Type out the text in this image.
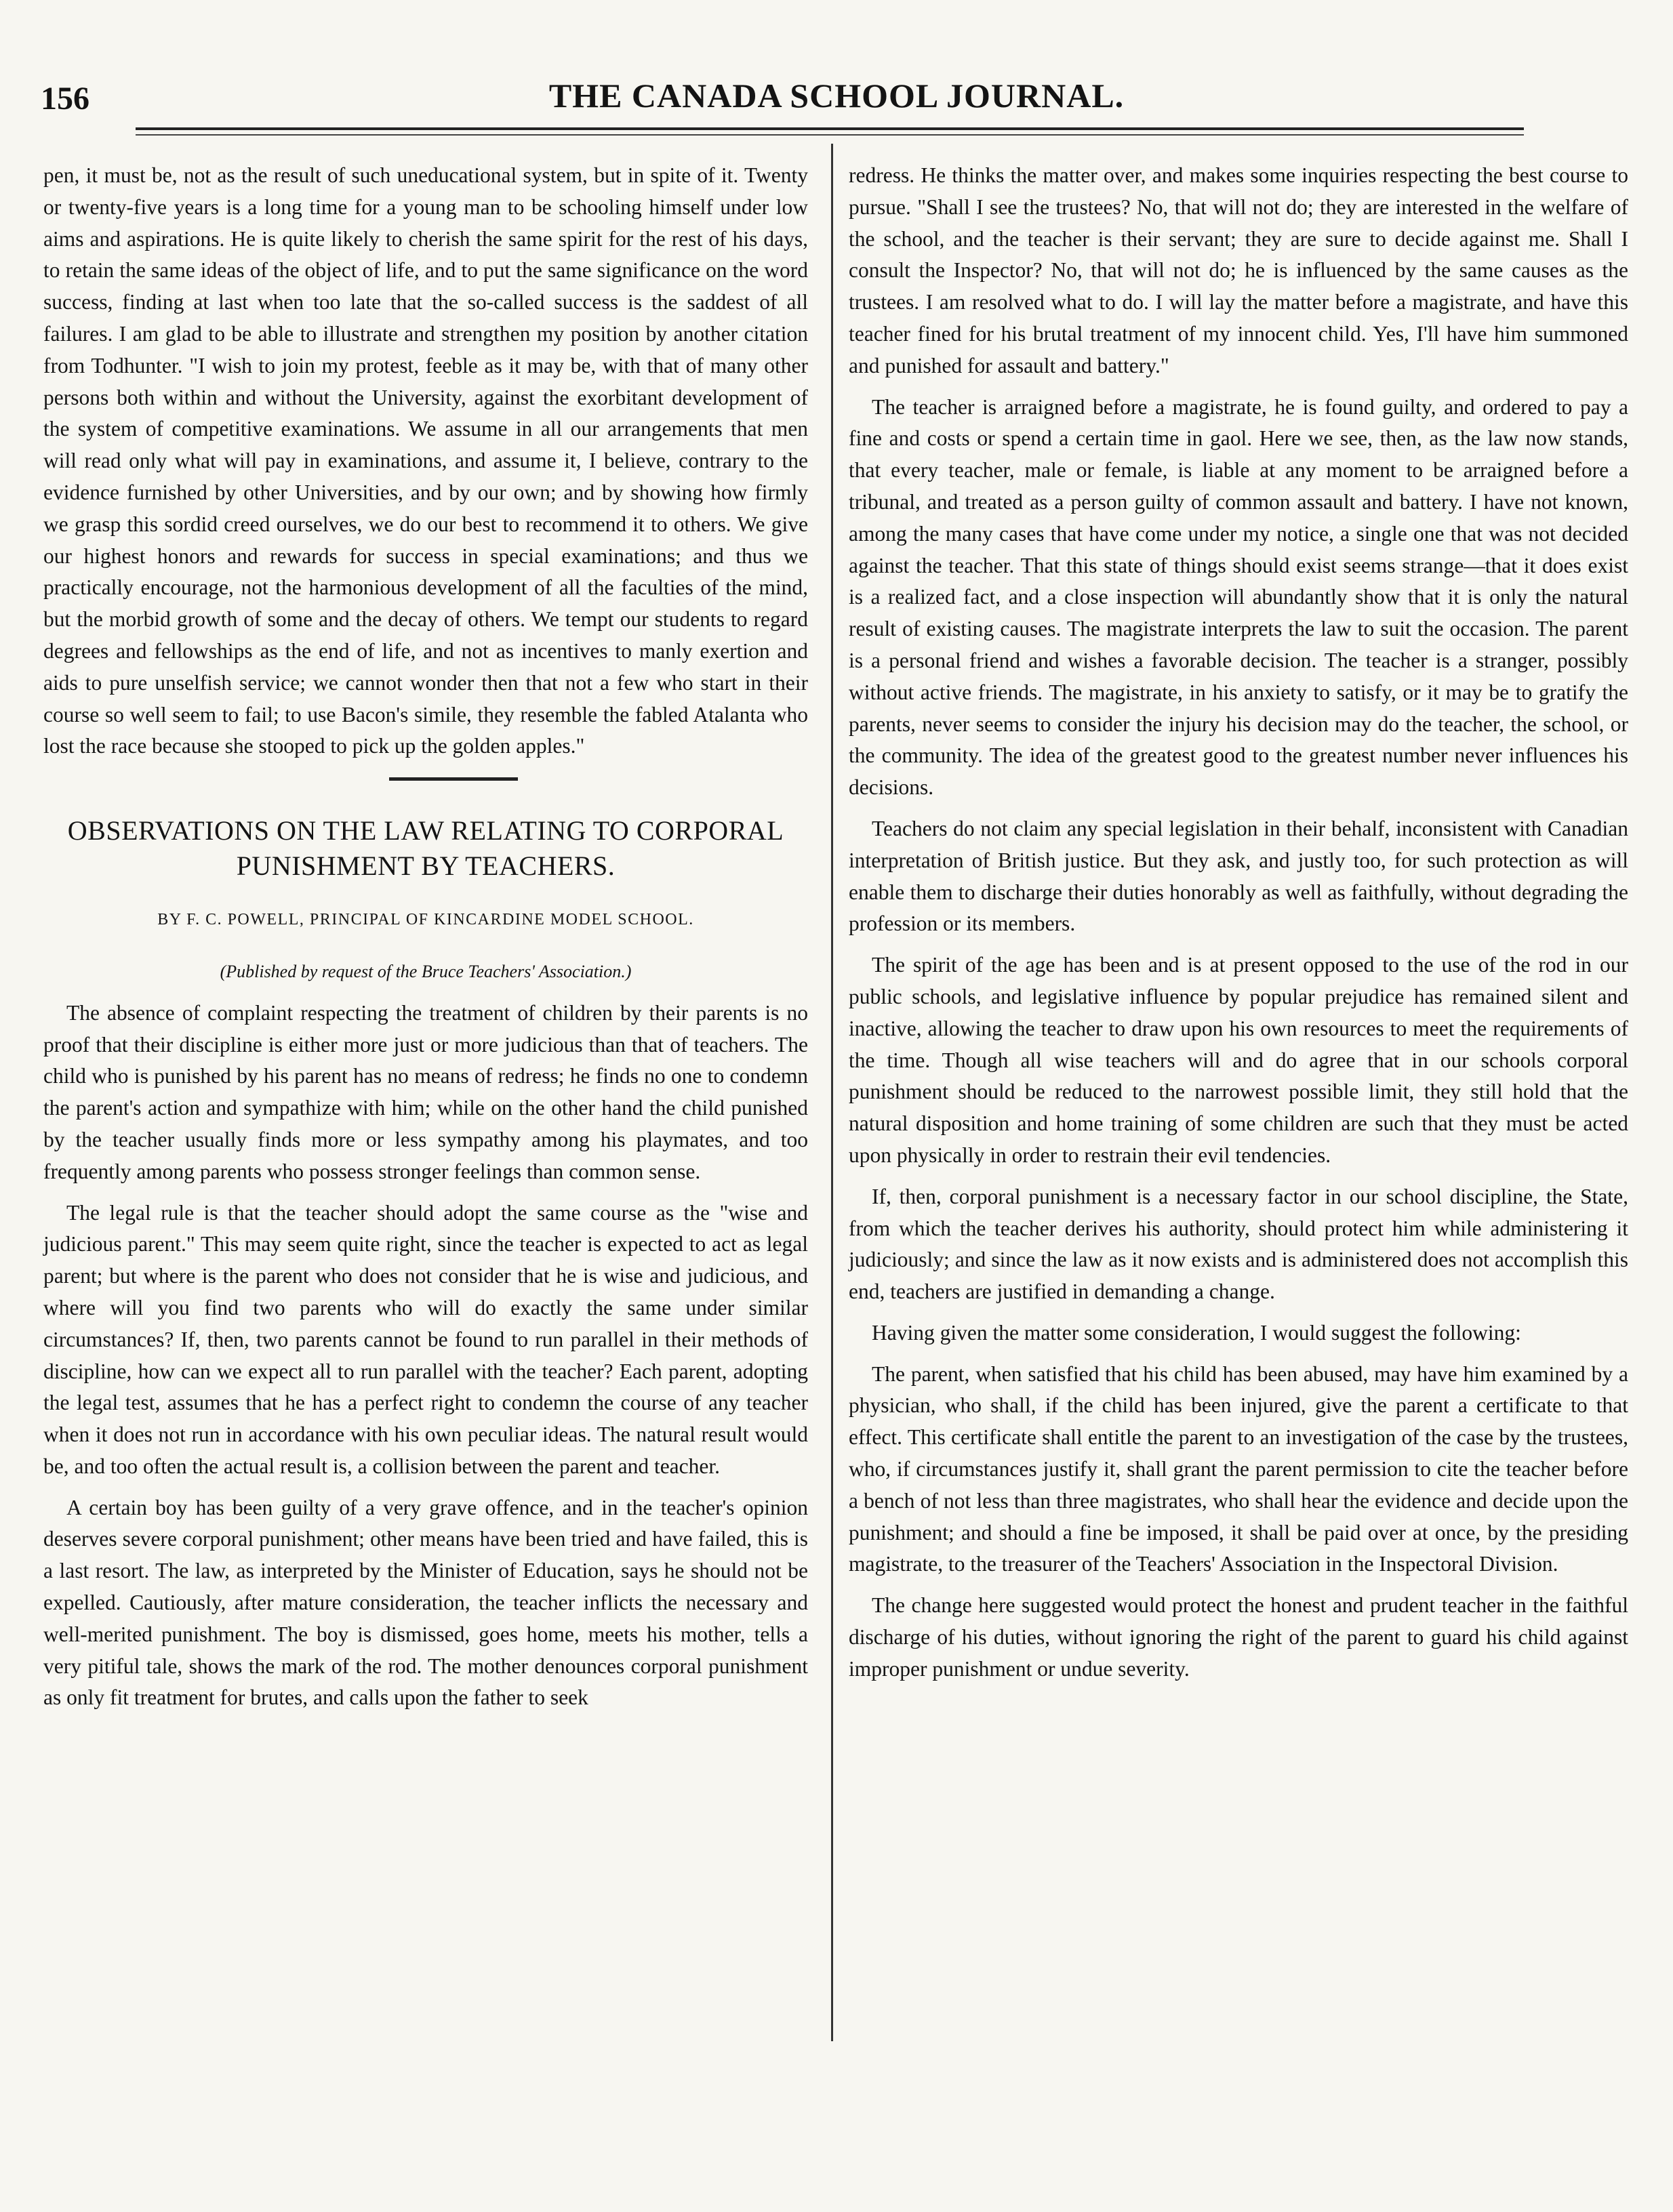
156	THE CANADA SCHOOL JOURNAL.

pen, it must be, not as the result of such uneducational system, but in spite of it. Twenty or twenty-five years is a long time for a young man to be schooling himself under low aims and aspirations. He is quite likely to cherish the same spirit for the rest of his days, to retain the same ideas of the object of life, and to put the same significance on the word success, finding at last when too late that the so-called success is the saddest of all failures. I am glad to be able to illustrate and strengthen my position by another citation from Todhunter. "I wish to join my protest, feeble as it may be, with that of many other persons both within and without the University, against the exorbitant development of the system of competitive examinations. We assume in all our arrangements that men will read only what will pay in examinations, and assume it, I believe, contrary to the evidence furnished by other Universities, and by our own; and by showing how firmly we grasp this sordid creed ourselves, we do our best to recommend it to others. We give our highest honors and rewards for success in special examinations; and thus we practically encourage, not the harmonious development of all the faculties of the mind, but the morbid growth of some and the decay of others. We tempt our students to regard degrees and fellowships as the end of life, and not as incentives to manly exertion and aids to pure unselfish service; we cannot wonder then that not a few who start in their course so well seem to fail; to use Bacon's simile, they resemble the fabled Atalanta who lost the race because she stooped to pick up the golden apples."

OBSERVATIONS ON THE LAW RELATING TO CORPORAL PUNISHMENT BY TEACHERS.
BY F. C. POWELL, PRINCIPAL OF KINCARDINE MODEL SCHOOL.
(Published by request of the Bruce Teachers' Association.)

The absence of complaint respecting the treatment of children by their parents is no proof that their discipline is either more just or more judicious than that of teachers. The child who is punished by his parent has no means of redress; he finds no one to condemn the parent's action and sympathize with him; while on the other hand the child punished by the teacher usually finds more or less sympathy among his playmates, and too frequently among parents who possess stronger feelings than common sense.

The legal rule is that the teacher should adopt the same course as the "wise and judicious parent." This may seem quite right, since the teacher is expected to act as legal parent; but where is the parent who does not consider that he is wise and judicious, and where will you find two parents who will do exactly the same under similar circumstances? If, then, two parents cannot be found to run parallel in their methods of discipline, how can we expect all to run parallel with the teacher? Each parent, adopting the legal test, assumes that he has a perfect right to condemn the course of any teacher when it does not run in accordance with his own peculiar ideas. The natural result would be, and too often the actual result is, a collision between the parent and teacher.

A certain boy has been guilty of a very grave offence, and in the teacher's opinion deserves severe corporal punishment; other means have been tried and have failed, this is a last resort. The law, as interpreted by the Minister of Education, says he should not be expelled. Cautiously, after mature consideration, the teacher inflicts the necessary and well-merited punishment. The boy is dismissed, goes home, meets his mother, tells a very pitiful tale, shows the mark of the rod. The mother denounces corporal punishment as only fit treatment for brutes, and calls upon the father to seek

redress. He thinks the matter over, and makes some inquiries respecting the best course to pursue. "Shall I see the trustees? No, that will not do; they are interested in the welfare of the school, and the teacher is their servant; they are sure to decide against me. Shall I consult the Inspector? No, that will not do; he is influenced by the same causes as the trustees. I am resolved what to do. I will lay the matter before a magistrate, and have this teacher fined for his brutal treatment of my innocent child. Yes, I'll have him summoned and punished for assault and battery."

The teacher is arraigned before a magistrate, he is found guilty, and ordered to pay a fine and costs or spend a certain time in gaol. Here we see, then, as the law now stands, that every teacher, male or female, is liable at any moment to be arraigned before a tribunal, and treated as a person guilty of common assault and battery. I have not known, among the many cases that have come under my notice, a single one that was not decided against the teacher. That this state of things should exist seems strange—that it does exist is a realized fact, and a close inspection will abundantly show that it is only the natural result of existing causes. The magistrate interprets the law to suit the occasion. The parent is a personal friend and wishes a favorable decision. The teacher is a stranger, possibly without active friends. The magistrate, in his anxiety to satisfy, or it may be to gratify the parents, never seems to consider the injury his decision may do the teacher, the school, or the community. The idea of the greatest good to the greatest number never influences his decisions.

Teachers do not claim any special legislation in their behalf, inconsistent with Canadian interpretation of British justice. But they ask, and justly too, for such protection as will enable them to discharge their duties honorably as well as faithfully, without degrading the profession or its members.

The spirit of the age has been and is at present opposed to the use of the rod in our public schools, and legislative influence by popular prejudice has remained silent and inactive, allowing the teacher to draw upon his own resources to meet the requirements of the time. Though all wise teachers will and do agree that in our schools corporal punishment should be reduced to the narrowest possible limit, they still hold that the natural disposition and home training of some children are such that they must be acted upon physically in order to restrain their evil tendencies.

If, then, corporal punishment is a necessary factor in our school discipline, the State, from which the teacher derives his authority, should protect him while administering it judiciously; and since the law as it now exists and is administered does not accomplish this end, teachers are justified in demanding a change.

Having given the matter some consideration, I would suggest the following:

The parent, when satisfied that his child has been abused, may have him examined by a physician, who shall, if the child has been injured, give the parent a certificate to that effect. This certificate shall entitle the parent to an investigation of the case by the trustees, who, if circumstances justify it, shall grant the parent permission to cite the teacher before a bench of not less than three magistrates, who shall hear the evidence and decide upon the punishment; and should a fine be imposed, it shall be paid over at once, by the presiding magistrate, to the treasurer of the Teachers' Association in the Inspectoral Division.

The change here suggested would protect the honest and prudent teacher in the faithful discharge of his duties, without ignoring the right of the parent to guard his child against improper punishment or undue severity.
